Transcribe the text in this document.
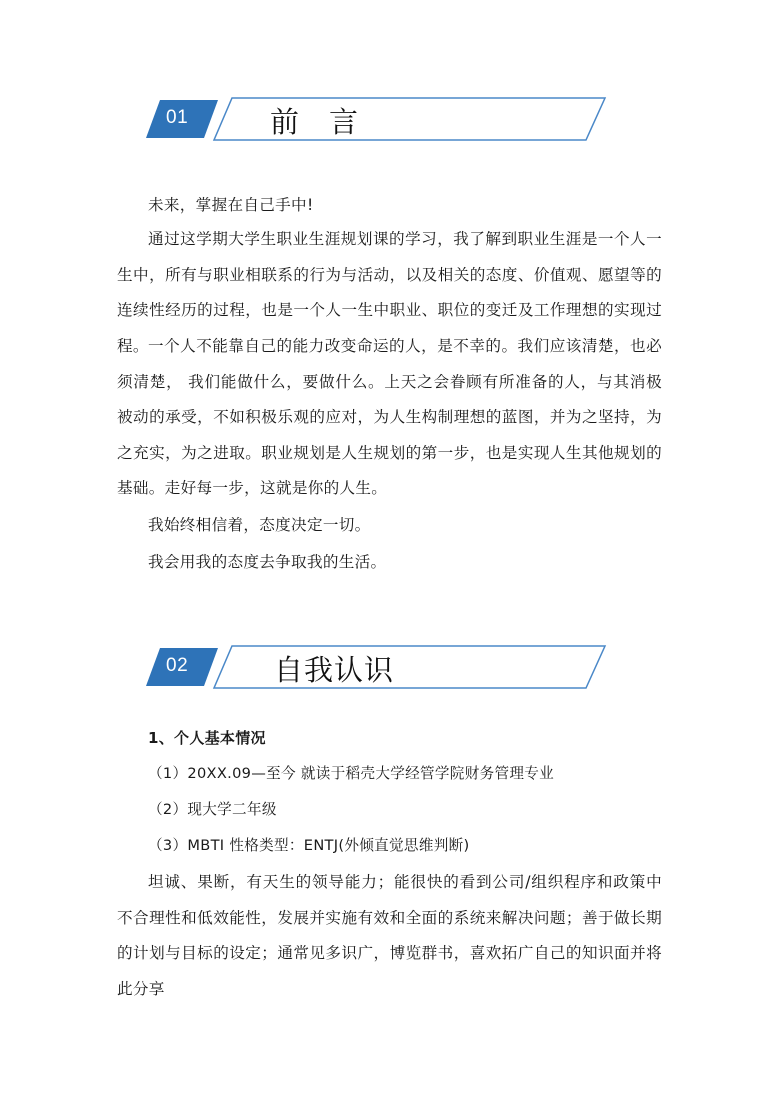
01	前言

未来，掌握在自己手中!

通过这学期大学生职业生涯规划课的学习，我了解到职业生涯是一个人一生中，所有与职业相联系的行为与活动，以及相关的态度、价值观、愿望等的连续性经历的过程，也是一个人一生中职业、职位的变迁及工作理想的实现过程。 一个人不能靠自己的能力改变命运的人，是不幸的。我们应该清楚，也必须清楚， 我们能做什么，要做什么。上天之会眷顾有所准备的人，与其消极被动的承受，不如积极乐观的应对，为人生构制理想的蓝图，并为之坚持，为之充实，为之进取。职业规划是人生规划的第一步，也是实现人生其他规划的基础。走好每一步，这就是你的人生。

我始终相信着，态度决定一切。

我会用我的态度去争取我的生活。

02	自我认识

1、个人基本情况

（1）20XX.09—至今 就读于稻壳大学经管学院财务管理专业

（2）现大学二年级

（3）MBTI 性格类型：ENTJ(外倾直觉思维判断)

坦诚、果断，有天生的领导能力；能很快的看到公司/组织程序和政策中不合理性和低效能性，发展并实施有效和全面的系统来解决问题；善于做长期的计划与目标的设定；通常见多识广，博览群书，喜欢拓广自己的知识面并将此分享
